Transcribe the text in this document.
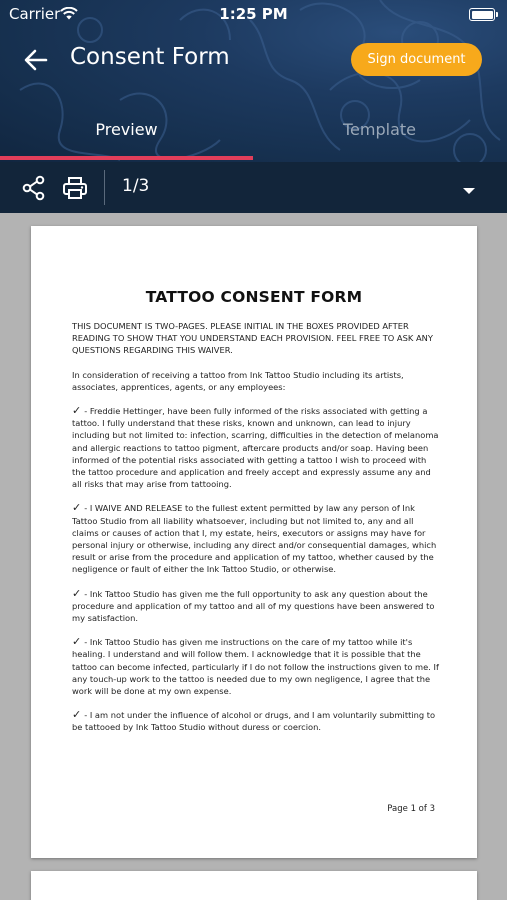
Carrier	1:25 PM
Consent Form	Sign document
Preview	Template
1/3
TATTOO CONSENT FORM

THIS DOCUMENT IS TWO-PAGES. PLEASE INITIAL IN THE BOXES PROVIDED AFTER READING TO SHOW THAT YOU UNDERSTAND EACH PROVISION. FEEL FREE TO ASK ANY QUESTIONS REGARDING THIS WAIVER.

In consideration of receiving a tattoo from Ink Tattoo Studio including its artists, associates, apprentices, agents, or any employees:

✓ - Freddie Hettinger, have been fully informed of the risks associated with getting a tattoo. I fully understand that these risks, known and unknown, can lead to injury including but not limited to: infection, scarring, difficulties in the detection of melanoma and allergic reactions to tattoo pigment, aftercare products and/or soap. Having been informed of the potential risks associated with getting a tattoo I wish to proceed with the tattoo procedure and application and freely accept and expressly assume any and all risks that may arise from tattooing.

✓ - I WAIVE AND RELEASE to the fullest extent permitted by law any person of Ink Tattoo Studio from all liability whatsoever, including but not limited to, any and all claims or causes of action that I, my estate, heirs, executors or assigns may have for personal injury or otherwise, including any direct and/or consequential damages, which result or arise from the procedure and application of my tattoo, whether caused by the negligence or fault of either the Ink Tattoo Studio, or otherwise.

✓ - Ink Tattoo Studio has given me the full opportunity to ask any question about the procedure and application of my tattoo and all of my questions have been answered to my satisfaction.

✓ - Ink Tattoo Studio has given me instructions on the care of my tattoo while it's healing. I understand and will follow them. I acknowledge that it is possible that the tattoo can become infected, particularly if I do not follow the instructions given to me. If any touch-up work to the tattoo is needed due to my own negligence, I agree that the work will be done at my own expense.

✓ - I am not under the influence of alcohol or drugs, and I am voluntarily submitting to be tattooed by Ink Tattoo Studio without duress or coercion.

Page 1 of 3
